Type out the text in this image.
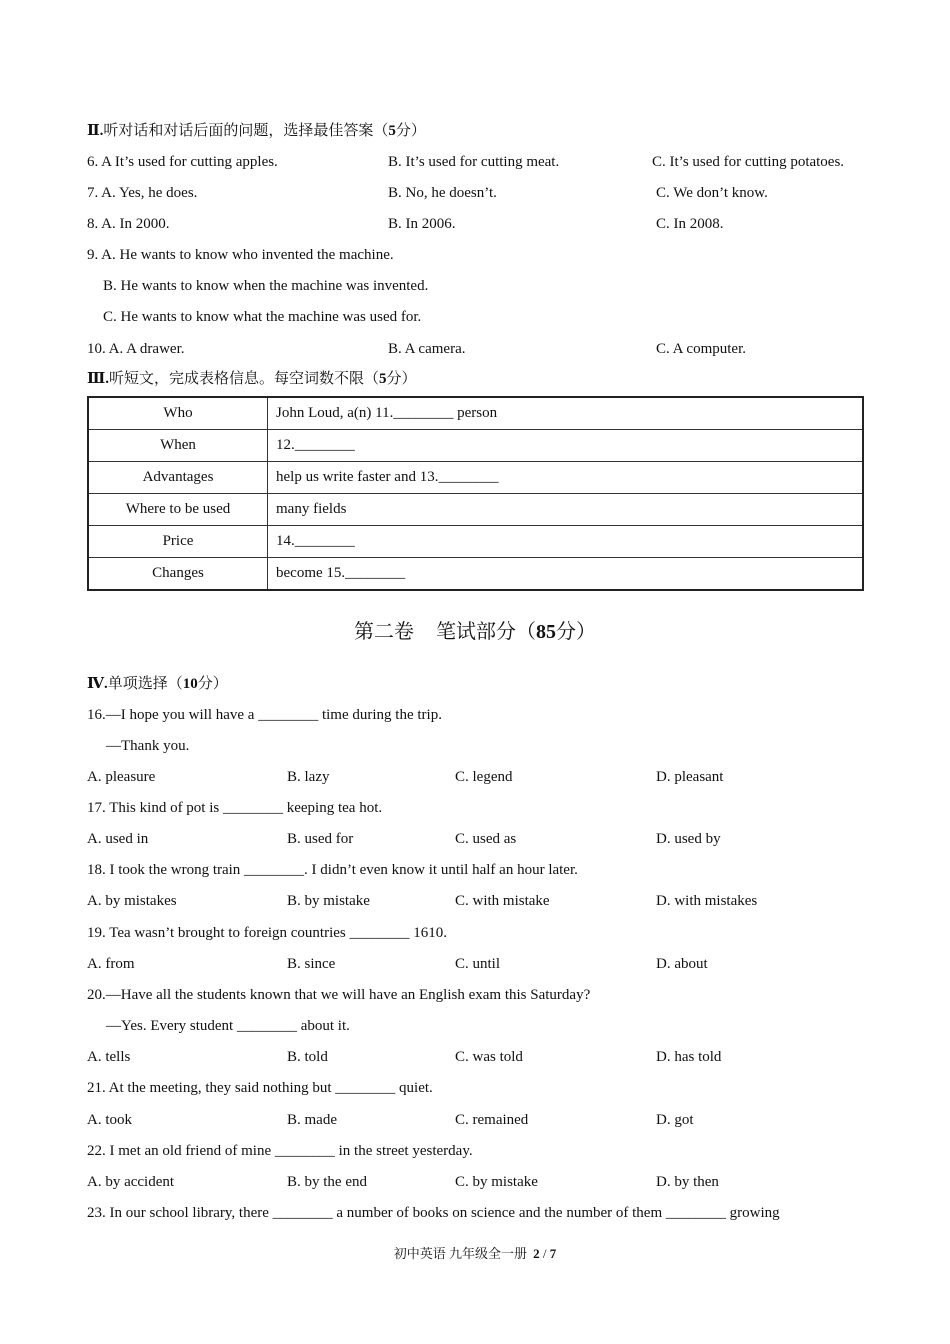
Ⅱ.听对话和对话后面的问题，选择最佳答案（5分）
6. A It’s used for cutting apples.	B. It’s used for cutting meat.	C. It’s used for cutting potatoes.
7. A. Yes, he does.	B. No, he doesn’t.	C. We don’t know.
8. A. In 2000.	B. In 2006.	C. In 2008.
9. A. He wants to know who invented the machine.
B. He wants to know when the machine was invented.
C. He wants to know what the machine was used for.
10. A. A drawer.	B. A camera.	C. A computer.
Ⅲ.听短文，完成表格信息。每空词数不限（5分）
Who	John Loud, a(n) 11.________ person
When	12.________
Advantages	help us write faster and 13.________
Where to be used	many fields
Price	14.________
Changes	become 15.________
第二卷 笔试部分（85分）
Ⅳ.单项选择（10分）
16.—I hope you will have a ________ time during the trip.
—Thank you.
A. pleasure	B. lazy	C. legend	D. pleasant
17. This kind of pot is ________ keeping tea hot.
A. used in	B. used for	C. used as	D. used by
18. I took the wrong train ________. I didn’t even know it until half an hour later.
A. by mistakes	B. by mistake	C. with mistake	D. with mistakes
19. Tea wasn’t brought to foreign countries ________ 1610.
A. from	B. since	C. until	D. about
20.—Have all the students known that we will have an English exam this Saturday?
—Yes. Every student ________ about it.
A. tells	B. told	C. was told	D. has told
21. At the meeting, they said nothing but ________ quiet.
A. took	B. made	C. remained	D. got
22. I met an old friend of mine ________ in the street yesterday.
A. by accident	B. by the end	C. by mistake	D. by then
23. In our school library, there ________ a number of books on science and the number of them ________ growing
初中英语 九年级全一册 2 / 7
